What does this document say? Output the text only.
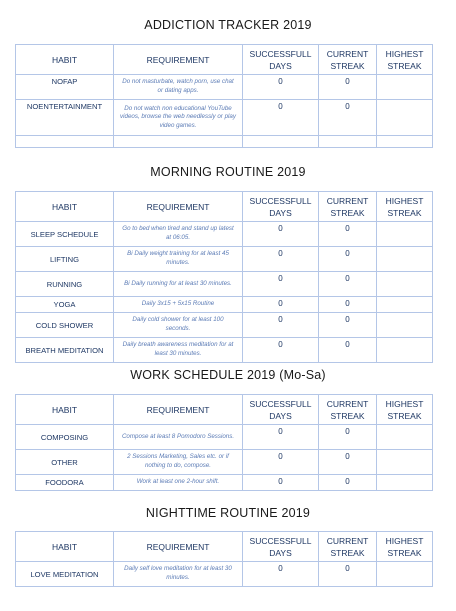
ADDICTION TRACKER 2019
HABIT	REQUIREMENT	SUCCESSFULL DAYS	CURRENT STREAK	HIGHEST STREAK
NOFAP	Do not masturbate, watch porn, use chat or dating apps.	0	0	
NOENTERTAINMENT	Do not watch non educational YouTube videos, browse the web needlessly or play video games.	0	0	

MORNING ROUTINE 2019
HABIT	REQUIREMENT	SUCCESSFULL DAYS	CURRENT STREAK	HIGHEST STREAK
SLEEP SCHEDULE	Go to bed when tired and stand up latest at 06:05.	0	0	
LIFTING	Bi Daily weight training for at least 45 minutes.	0	0	
RUNNING	Bi Daily running for at least 30 minutes.	0	0	
YOGA	Daily 3x15 + 5x15 Routine	0	0	
COLD SHOWER	Daily cold shower for at least 100 seconds.	0	0	
BREATH MEDITATION	Daily breath awareness meditation for at least 30 minutes.	0	0	
WORK SCHEDULE 2019 (Mo-Sa)
HABIT	REQUIREMENT	SUCCESSFULL DAYS	CURRENT STREAK	HIGHEST STREAK
COMPOSING	Compose at least 8 Pomodoro Sessions.	0	0	
OTHER	2 Sessions Marketing, Sales etc. or if nothing to do, compose.	0	0	
FOODORA	Work at least one 2-hour shift.	0	0	
NIGHTTIME ROUTINE 2019
HABIT	REQUIREMENT	SUCCESSFULL DAYS	CURRENT STREAK	HIGHEST STREAK
LOVE MEDITATION	Daily self love meditation for at least 30 minutes.	0	0	
